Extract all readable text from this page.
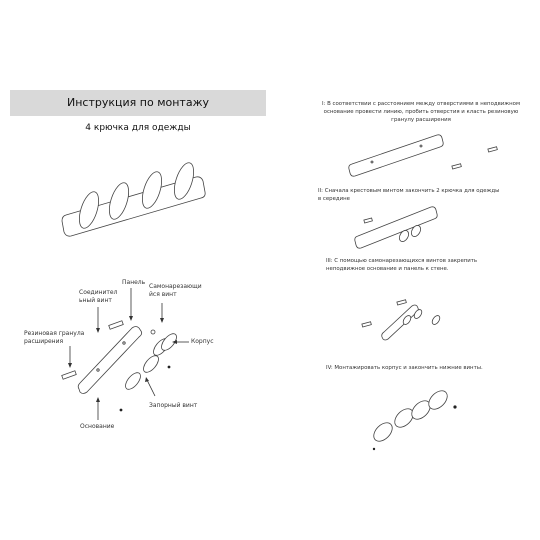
Инструкция по монтажу
4 крючка для одежды
Соединител
ьный винт
Панель
Самонарезающи
йся винт
Корпус
Резиновая гранула
расширения
Запорный винт
Основание
I: В соответствии с расстоянием между отверстиями в неподвижном
основание провести линию, пробить отверстия и класть резиновую
гранулу расширения
II: Сначала крестовым винтом закончить 2 крючка для одежды
в середине
III: С помощью самонарезающихся винтов закрепить
неподвижное основание и панель к стене.
IV: Монтажировать корпус и закончить нижние винты.
